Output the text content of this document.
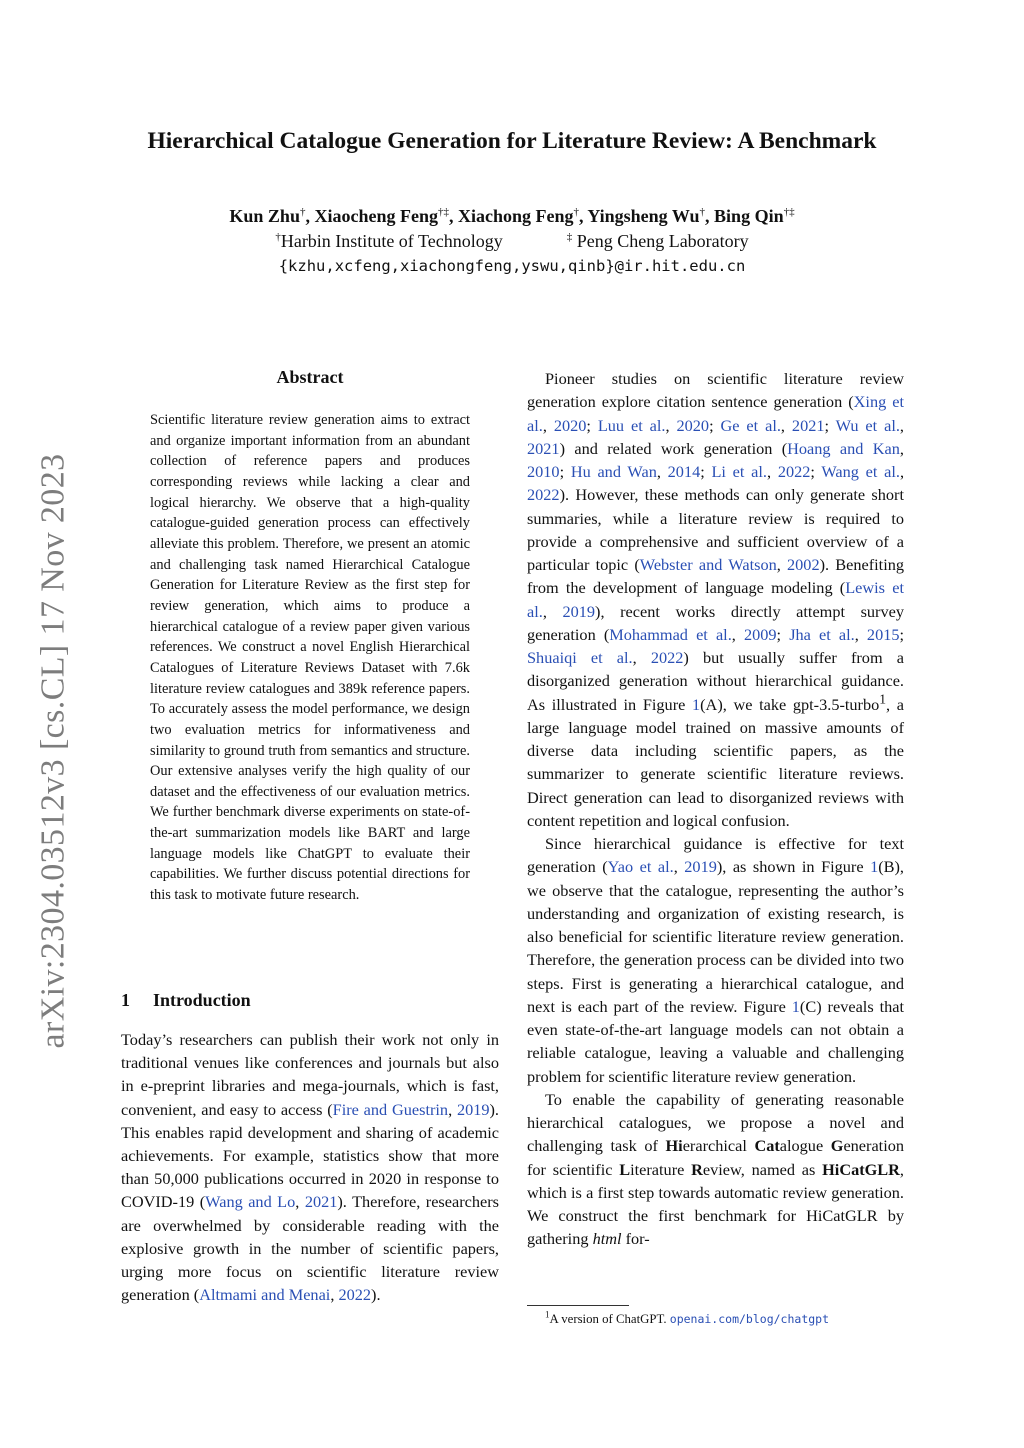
arXiv:2304.03512v3 [cs.CL] 17 Nov 2023
Hierarchical Catalogue Generation for Literature Review: A Benchmark
Kun Zhu†, Xiaocheng Feng†‡, Xiachong Feng†, Yingsheng Wu†, Bing Qin†‡
†Harbin Institute of Technology	‡ Peng Cheng Laboratory
{kzhu,xcfeng,xiachongfeng,yswu,qinb}@ir.hit.edu.cn
Abstract

Scientific literature review generation aims to extract and organize important information from an abundant collection of reference papers and produces corresponding reviews while lacking a clear and logical hierarchy. We observe that a high-quality catalogue-guided generation process can effectively alleviate this problem. Therefore, we present an atomic and challenging task named Hierarchical Catalogue Generation for Literature Review as the first step for review generation, which aims to produce a hierarchical catalogue of a review paper given various references. We construct a novel English Hierarchical Catalogues of Literature Reviews Dataset with 7.6k literature review catalogues and 389k reference papers. To accurately assess the model performance, we design two evaluation metrics for informativeness and similarity to ground truth from semantics and structure. Our extensive analyses verify the high quality of our dataset and the effectiveness of our evaluation metrics. We further benchmark diverse experiments on state-of-the-art summarization models like BART and large language models like ChatGPT to evaluate their capabilities. We further discuss potential directions for this task to motivate future research.

1 Introduction

Today’s researchers can publish their work not only in traditional venues like conferences and journals but also in e-preprint libraries and mega-journals, which is fast, convenient, and easy to access (Fire and Guestrin, 2019). This enables rapid development and sharing of academic achievements. For example, statistics show that more than 50,000 publications occurred in 2020 in response to COVID-19 (Wang and Lo, 2021). Therefore, researchers are overwhelmed by considerable reading with the explosive growth in the number of scientific papers, urging more focus on scientific literature review generation (Altmami and Menai, 2022).

Pioneer studies on scientific literature review generation explore citation sentence generation (Xing et al., 2020; Luu et al., 2020; Ge et al., 2021; Wu et al., 2021) and related work generation (Hoang and Kan, 2010; Hu and Wan, 2014; Li et al., 2022; Wang et al., 2022). However, these methods can only generate short summaries, while a literature review is required to provide a comprehensive and sufficient overview of a particular topic (Webster and Watson, 2002). Benefiting from the development of language modeling (Lewis et al., 2019), recent works directly attempt survey generation (Mohammad et al., 2009; Jha et al., 2015; Shuaiqi et al., 2022) but usually suffer from a disorganized generation without hierarchical guidance. As illustrated in Figure 1(A), we take gpt-3.5-turbo$^1$, a large language model trained on massive amounts of diverse data including scientific papers, as the summarizer to generate scientific literature reviews. Direct generation can lead to disorganized reviews with content repetition and logical confusion.

Since hierarchical guidance is effective for text generation (Yao et al., 2019), as shown in Figure 1(B), we observe that the catalogue, representing the author’s understanding and organization of existing research, is also beneficial for scientific literature review generation. Therefore, the generation process can be divided into two steps. First is generating a hierarchical catalogue, and next is each part of the review. Figure 1(C) reveals that even state-of-the-art language models can not obtain a reliable catalogue, leaving a valuable and challenging problem for scientific literature review generation.

To enable the capability of generating reasonable hierarchical catalogues, we propose a novel and challenging task of Hierarchical Catalogue Generation for scientific Literature Review, named as HiCatGLR, which is a first step towards automatic review generation. We construct the first benchmark for HiCatGLR by gathering html for-

$^1$A version of ChatGPT. openai.com/blog/chatgpt
